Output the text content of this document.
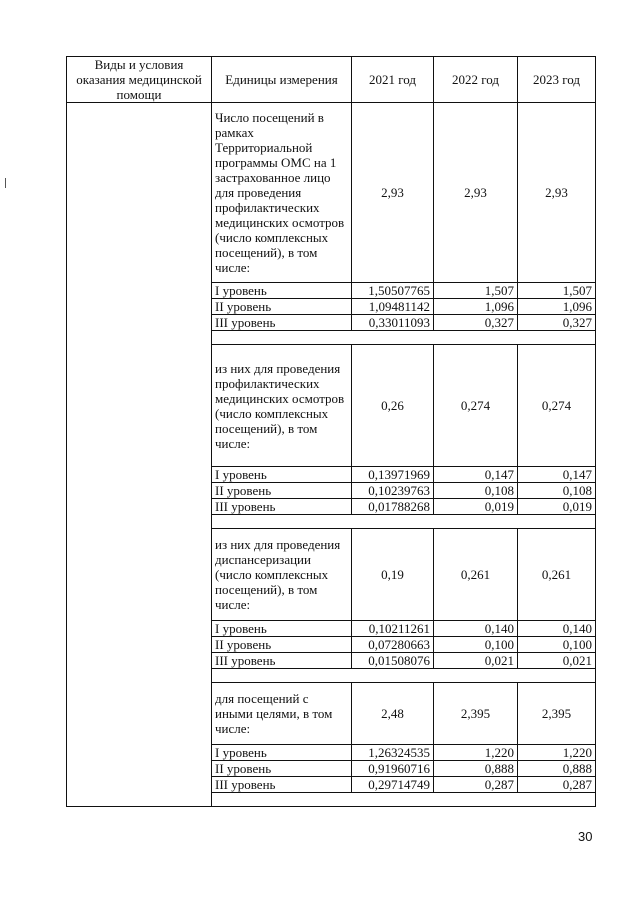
Виды и условия оказания медицинской помощи	Единицы измерения	2021 год	2022 год	2023 год
	Число посещений в рамках Территориальной программы ОМС на 1 застрахованное лицо для проведения профилактических медицинских осмотров (число комплексных посещений), в том числе:	2,93	2,93	2,93
	I уровень	1,50507765	1,507	1,507
	II уровень	1,09481142	1,096	1,096
	III уровень	0,33011093	0,327	0,327

	из них для проведения профилактических медицинских осмотров (число комплексных посещений), в том числе:	0,26	0,274	0,274
	I уровень	0,13971969	0,147	0,147
	II уровень	0,10239763	0,108	0,108
	III уровень	0,01788268	0,019	0,019

	из них для проведения диспансеризации (число комплексных посещений), в том числе:	0,19	0,261	0,261
	I уровень	0,10211261	0,140	0,140
	II уровень	0,07280663	0,100	0,100
	III уровень	0,01508076	0,021	0,021

	для посещений с иными целями, в том числе:	2,48	2,395	2,395
	I уровень	1,26324535	1,220	1,220
	II уровень	0,91960716	0,888	0,888
	III уровень	0,29714749	0,287	0,287

30
